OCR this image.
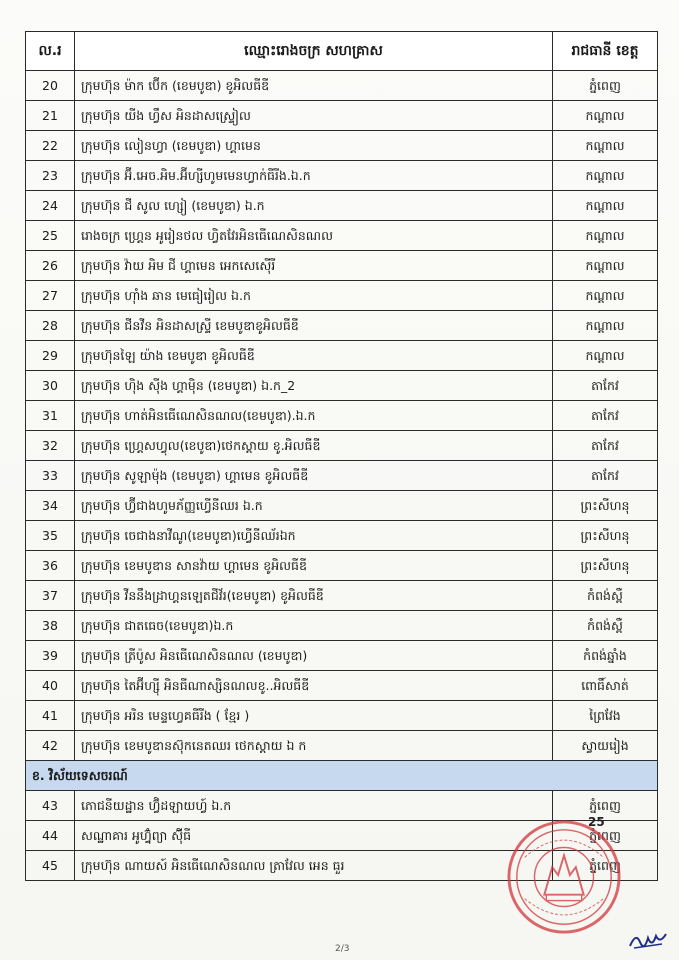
ល.រ	ឈ្មោះរោងចក្រ សហគ្រាស	រាជធានី ខេត្ត
20	ក្រុមហ៊ុន ម៉ាក ប៊ើក (ខេមបូឌា) ខូអិលធីឌី	ភ្នំពេញ
21	ក្រុមហ៊ុន យីង ហ្វឹស អិនដាសស្ទ្រៀល	កណ្ដាល
22	ក្រុមហ៊ុន លៀនហ្វា (ខេមបូឌា) ហ្គាមេន	កណ្ដាល
23	ក្រុមហ៊ុន អ៊ី.អេច.អិម.អ៊ីហ្សីហូមមេនហ្វាក់ធីរីង.ឯ.ក	កណ្ដាល
24	ក្រុមហ៊ុន ជី សូល ហ្សៀ (ខេមបូឌា) ឯ.ក	កណ្ដាល
25	រោងចក្រ ហ្គ្រេន អូរៀនថល ហ្វិតវែរអិនធើណេសិនណល	កណ្ដាល
26	ក្រុមហ៊ុន វ៉ាយ អិម ជី ហ្គាមេន អេកសេស៊ើរី	កណ្ដាល
27	ក្រុមហ៊ុន ហ៊ាំង ឆាន មេធៀរៀល ឯ.ក	កណ្ដាល
28	ក្រុមហ៊ុន ជីនវីន អិនដាសស្ទ្រី ខេមបូឌាខូអិលធីឌី	កណ្ដាល
29	ក្រុមហ៊ុនឡៃ យ៉ាង ខេមបូឌា ខូអិលធីឌី	កណ្ដាល
30	ក្រុមហ៊ុន ហ៊ិង ស៊ីង ហ្គាម៉ិន (ខេមបូឌា) ឯ.ក_2	តាកែវ
31	ក្រុមហ៊ុន ហាត់អិនធើណេសិនណល(ខេមបូឌា).ឯ.ក	តាកែវ
32	ក្រុមហ៊ុន ហ្គ្រេសហ្វុល(ខេបូឌា)ថេកស្ដាយ ខូ.អិលធីឌី	តាកែវ
33	ក្រុមហ៊ុន សូឡាម៉ុង (ខេមបូឌា) ហ្គាមេន ខូអិលធីឌី	តាកែវ
34	ក្រុមហ៊ុន ហ្វ៊ីជាងហូមភ័ញ្ញហ្វើនីឈរ ឯ.ក	ព្រះសីហនុ
35	ក្រុមហ៊ុន ចេជាងនាវីណូ(ខេមបូឌា)ហ្វើនីឈ័រឯក	ព្រះសីហនុ
36	ក្រុមហ៊ុន ខេមបូឌាន សានវ៉ាយ ហ្គាមេន ខូអិលធីឌី	ព្រះសីហនុ
37	ក្រុមហ៊ុន វីននឹងដ្រាហ្គនឡេតជីវ័រ(ខេមបូឌា) ខូអិលធីឌី	កំពង់ស្ពឺ
38	ក្រុមហ៊ុន ជាតធេច(ខេមបូឌា)ឯ.ក	កំពង់ស្ពឺ
39	ក្រុមហ៊ុន ត្រីប៉ូស អិនធើណេសិនណល (ខេមបូឌា)	កំពង់ឆ្នាំង
40	ក្រុមហ៊ុន តៃអ៊ីហ្ស៊ី អិនធីណាស្សិនណលខូ..អិលធីឌី	ពោធិ៍សាត់
41	ក្រុមហ៊ុន អរិន មេន្ទហ្វេគធីរីង ( ខ្មែរ )	ព្រៃវែង
42	ក្រុមហ៊ុន ខេមបូឌានស៊ុកនេតឈរ ថេកស្ដាយ ឯ ក	ស្វាយរៀង
ខ. វិស័យទេសចរណ៍		
43	ភោជនីយដ្ឋាន ហ្វ៊ិដឡាយហ្វ៍ ឯ.ក	ភ្នំពេញ
44	សណ្ឋាគារ អូហ្វ៊ុំព្យា ស៊ុីធី	ភ្នំពេញ
45	ក្រុមហ៊ុន ណាយស៍ អិនធើណេសិនណល ត្រាវែល អេន ធួរ	ភ្នំពេញ
25
2/3
